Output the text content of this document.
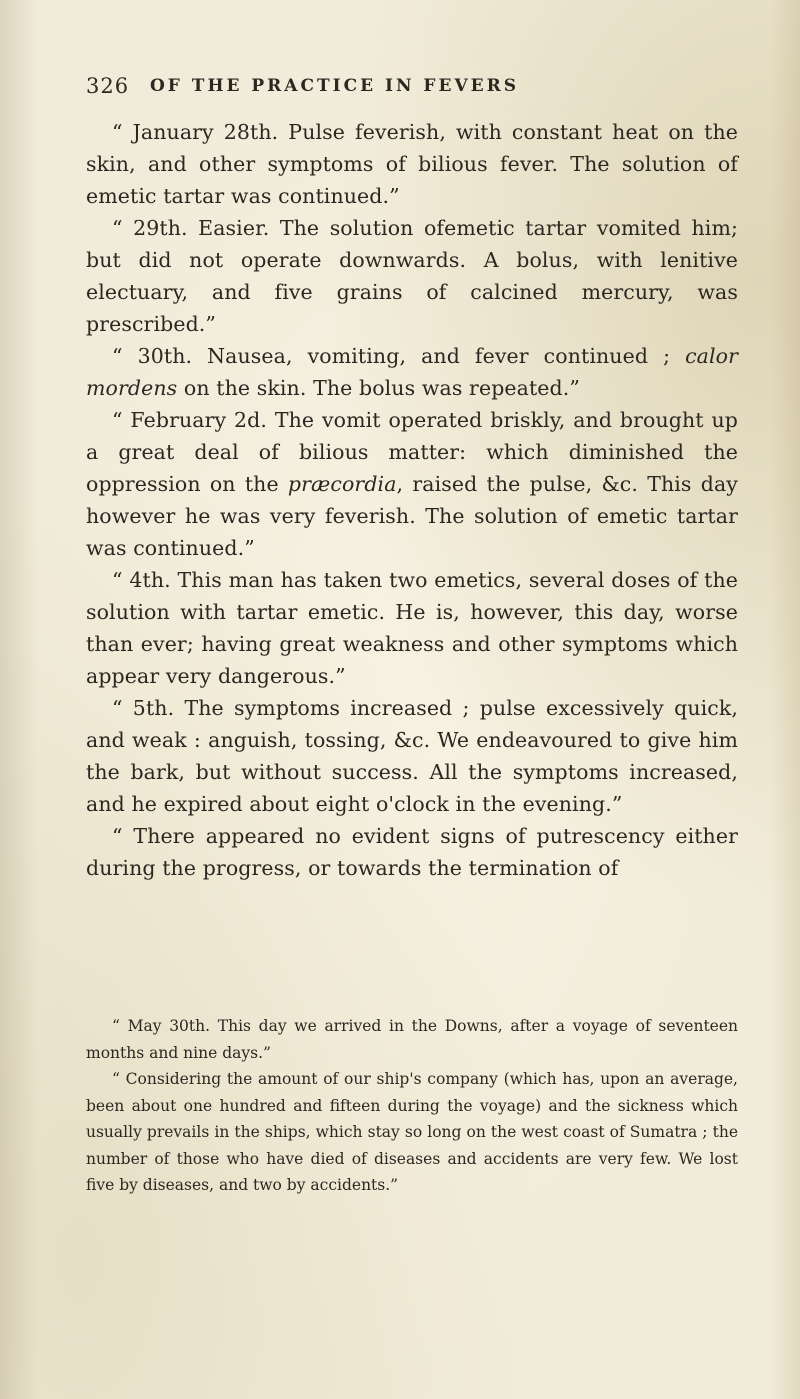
326 OF THE PRACTICE IN FEVERS

“ January 28th. Pulse feverish, with constant heat on the skin, and other symptoms of bilious fever. The solution of emetic tartar was continued.”

“ 29th. Easier. The solution ofemetic tartar vomited him; but did not operate downwards. A bolus, with lenitive electuary, and five grains of calcined mercury, was prescribed.”

“ 30th. Nausea, vomiting, and fever continued ; calor mordens on the skin. The bolus was repeated.”

“ February 2d. The vomit operated briskly, and brought up a great deal of bilious matter: which diminished the oppression on the præcordia, raised the pulse, &c. This day however he was very feverish. The solution of emetic tartar was continued.”

“ 4th. This man has taken two emetics, several doses of the solution with tartar emetic. He is, however, this day, worse than ever; having great weakness and other symptoms which appear very dangerous.”

“ 5th. The symptoms increased ; pulse excessively quick, and weak : anguish, tossing, &c. We endeavoured to give him the bark, but without success. All the symptoms increased, and he expired about eight o'clock in the evening.”

“ There appeared no evident signs of putrescency either during the progress, or towards the termination of

“ May 30th. This day we arrived in the Downs, after a voyage of seventeen months and nine days.”

“ Considering the amount of our ship's company (which has, upon an average, been about one hundred and fifteen during the voyage) and the sickness which usually prevails in the ships, which stay so long on the west coast of Sumatra ; the number of those who have died of diseases and accidents are very few. We lost five by diseases, and two by accidents.”
